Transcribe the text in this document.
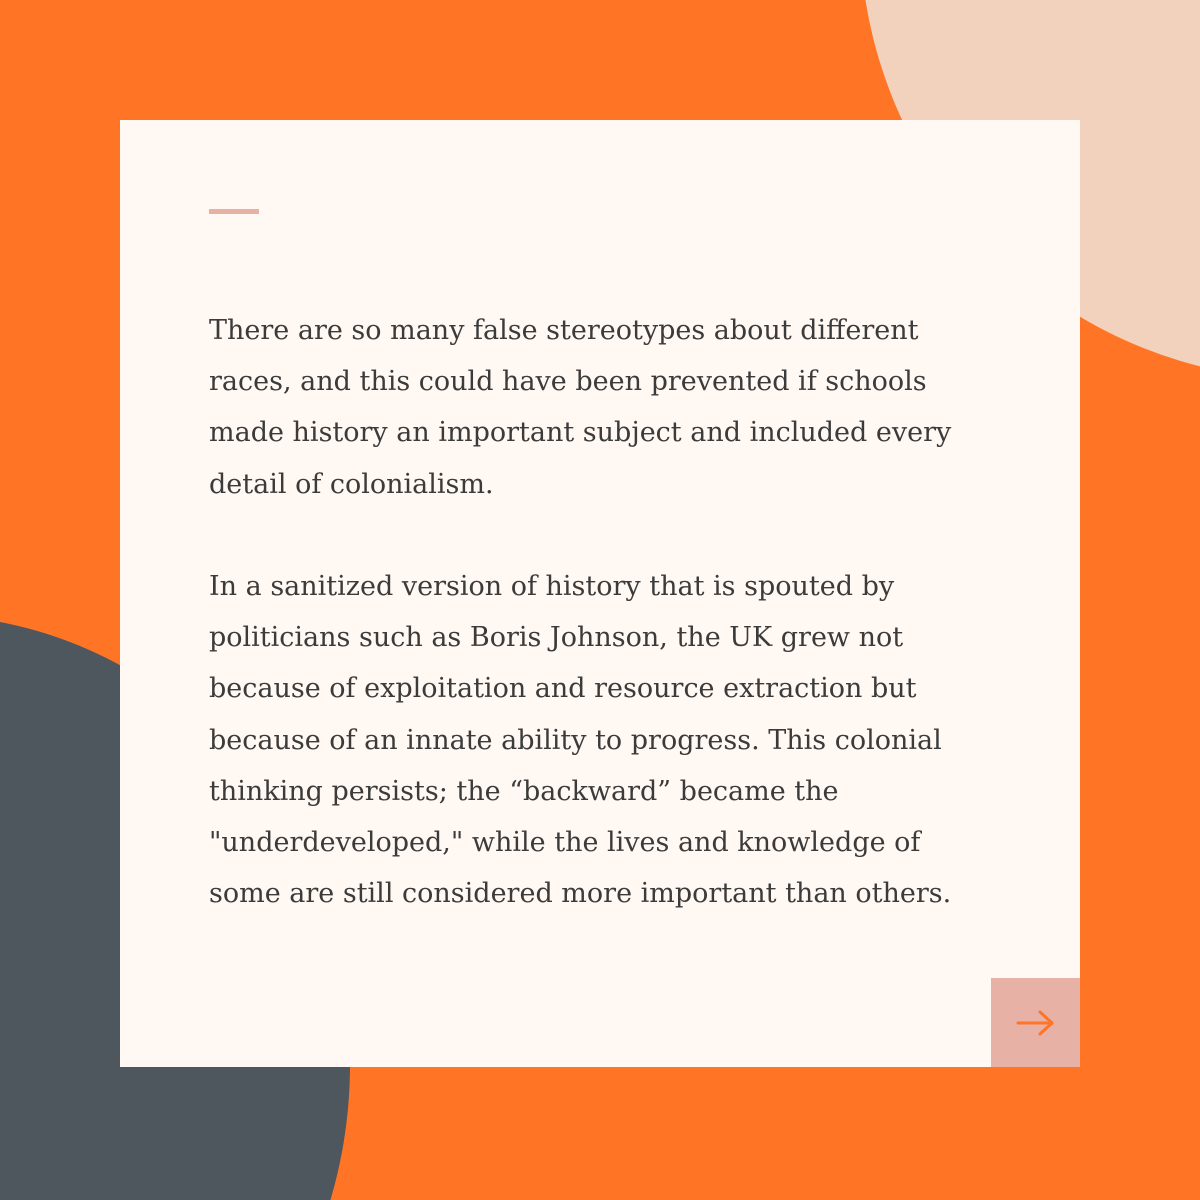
There are so many false stereotypes about different races, and this could have been prevented if schools made history an important subject and included every detail of colonialism.

In a sanitized version of history that is spouted by politicians such as Boris Johnson, the UK grew not because of exploitation and resource extraction but because of an innate ability to progress. This colonial thinking persists; the “backward” became the "underdeveloped," while the lives and knowledge of some are still considered more important than others.
